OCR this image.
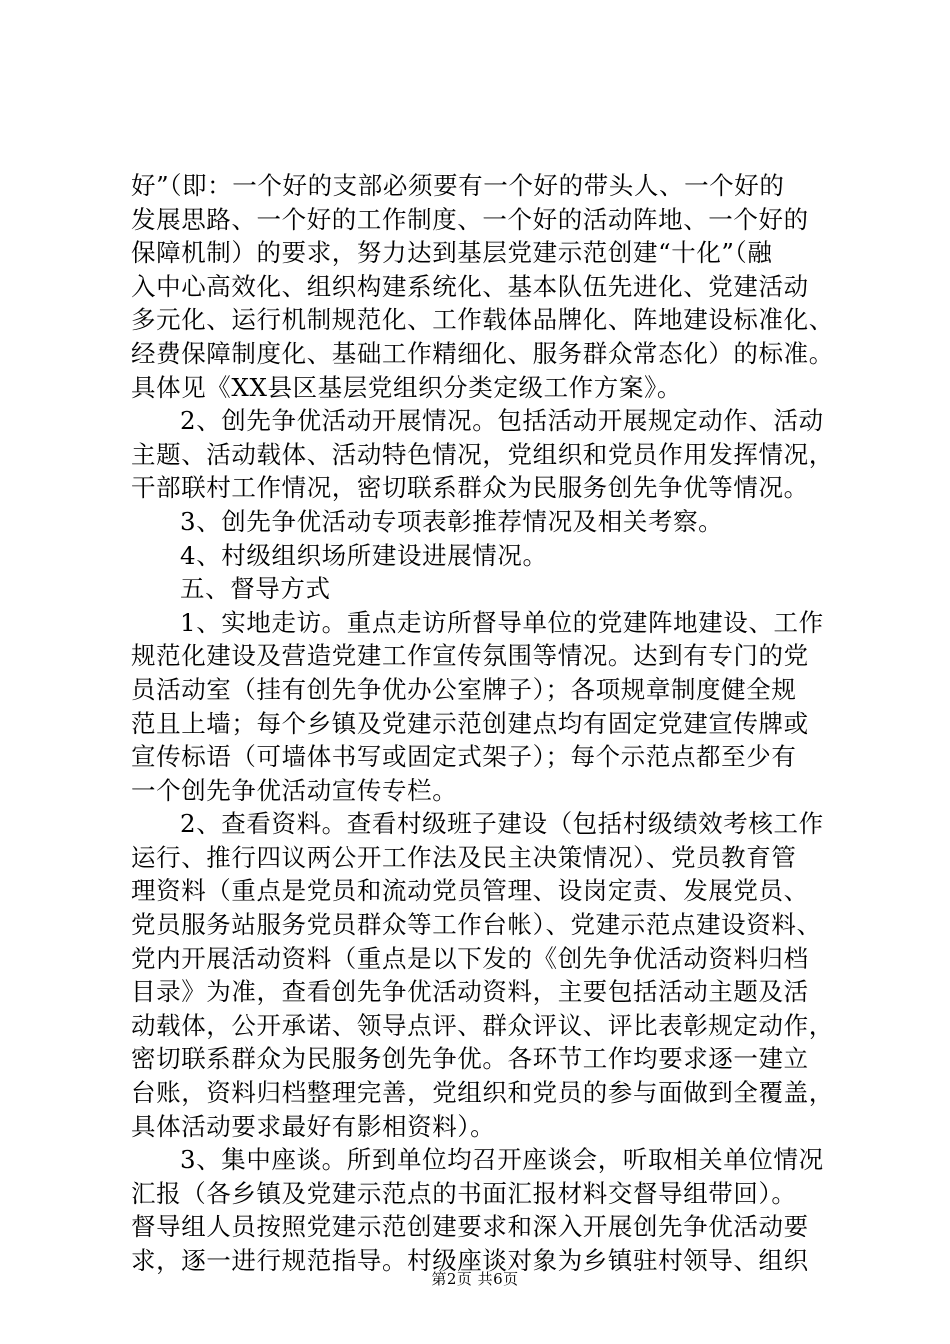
好”（即：一个好的支部必须要有一个好的带头人、一个好的
发展思路、一个好的工作制度、一个好的活动阵地、一个好的
保障机制）的要求，努力达到基层党建示范创建“十化”（融
入中心高效化、组织构建系统化、基本队伍先进化、党建活动
多元化、运行机制规范化、工作载体品牌化、阵地建设标准化、
经费保障制度化、基础工作精细化、服务群众常态化）的标准。
具体见《XX县区基层党组织分类定级工作方案》。
2、创先争优活动开展情况。包括活动开展规定动作、活动
主题、活动载体、活动特色情况，党组织和党员作用发挥情况，
干部联村工作情况，密切联系群众为民服务创先争优等情况。
3、创先争优活动专项表彰推荐情况及相关考察。
4、村级组织场所建设进展情况。
五、督导方式
1、实地走访。重点走访所督导单位的党建阵地建设、工作
规范化建设及营造党建工作宣传氛围等情况。达到有专门的党
员活动室（挂有创先争优办公室牌子）；各项规章制度健全规
范且上墙；每个乡镇及党建示范创建点均有固定党建宣传牌或
宣传标语（可墙体书写或固定式架子）；每个示范点都至少有
一个创先争优活动宣传专栏。
2、查看资料。查看村级班子建设（包括村级绩效考核工作
运行、推行四议两公开工作法及民主决策情况）、党员教育管
理资料（重点是党员和流动党员管理、设岗定责、发展党员、
党员服务站服务党员群众等工作台帐）、党建示范点建设资料、
党内开展活动资料（重点是以下发的《创先争优活动资料归档
目录》为准，查看创先争优活动资料，主要包括活动主题及活
动载体，公开承诺、领导点评、群众评议、评比表彰规定动作，
密切联系群众为民服务创先争优。各环节工作均要求逐一建立
台账，资料归档整理完善，党组织和党员的参与面做到全覆盖，
具体活动要求最好有影相资料）。
3、集中座谈。所到单位均召开座谈会，听取相关单位情况
汇报（各乡镇及党建示范点的书面汇报材料交督导组带回）。
督导组人员按照党建示范创建要求和深入开展创先争优活动要
求，逐一进行规范指导。村级座谈对象为乡镇驻村领导、组织
第2页 共6页
